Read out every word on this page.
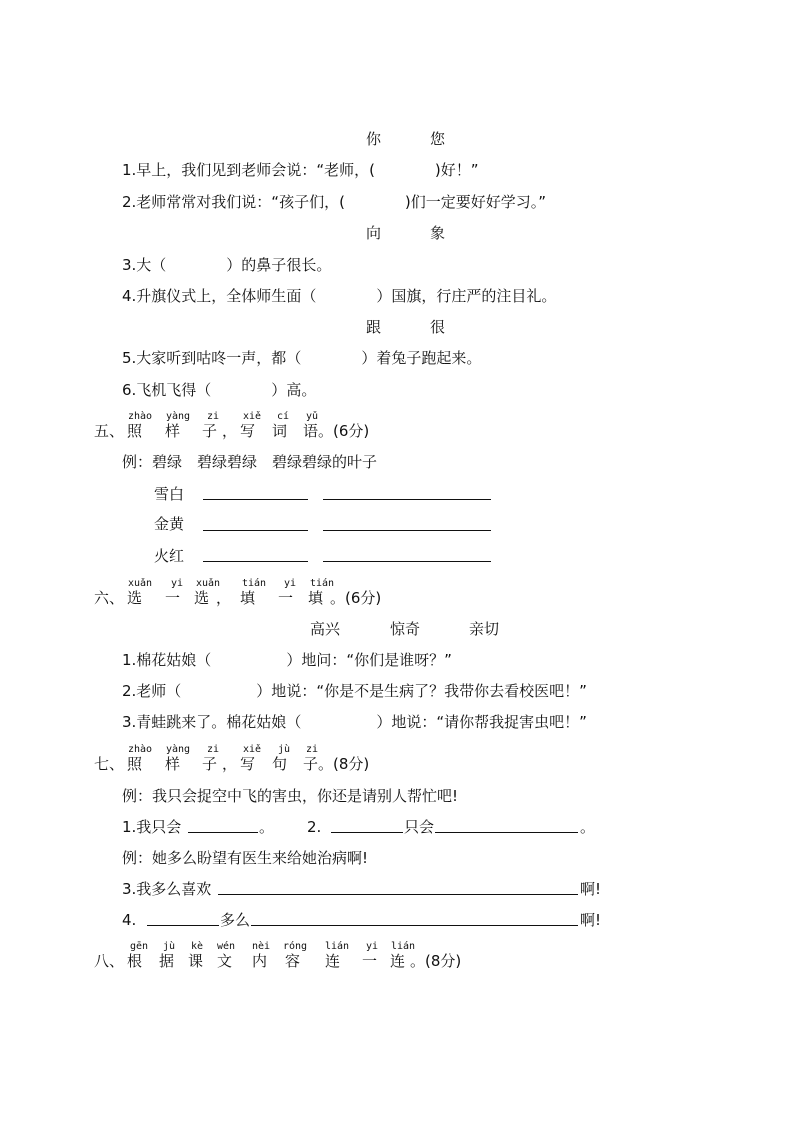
你	您
1.早上，我们见到老师会说：“老师，(　　　　)好！”
2.老师常常对我们说：“孩子们，(　　　　)们一定要好好学习。”
向	象
3.大（　　　　）的鼻子很长。
4.升旗仪式上，全体师生面（　　　　）国旗，行庄严的注目礼。
跟	很
5.大家听到咕咚一声，都（　　　　）着兔子跑起来。
6.飞机飞得（　　　　）高。
五、
zhào
照
yàng
样
zi
子 ，
xiě
写
cí
词
yǔ
语 。(6分)
例：碧绿　碧绿碧绿　碧绿碧绿的叶子
雪白
金黄
火红
六、
xuǎn
选
yi
一
xuǎn
选 ，
tián
填
yi
一
tián
填 。(6分)
高兴	惊奇	亲切
1.棉花姑娘（　　　　　）地问：“你们是谁呀？”
2.老师（　　　　　）地说：“你是不是生病了？我带你去看校医吧！”
3.青蛙跳来了。棉花姑娘（　　　　　）地说：“请你帮我捉害虫吧！”
七、
zhào
照
yàng
样
zi
子 ，
xiě
写
jù
句
zi
子 。(8分)
例：我只会捉空中飞的害虫，你还是请别人帮忙吧!
1.我只会	。 2.	只会	。
例：她多么盼望有医生来给她治病啊!
3.我多么喜欢	啊!
4.	多么	啊!
八、
gēn
根
jù
据
kè
课
wén
文
nèi
内
róng
容
lián
连
yi
一
lián
连 。(8分)
